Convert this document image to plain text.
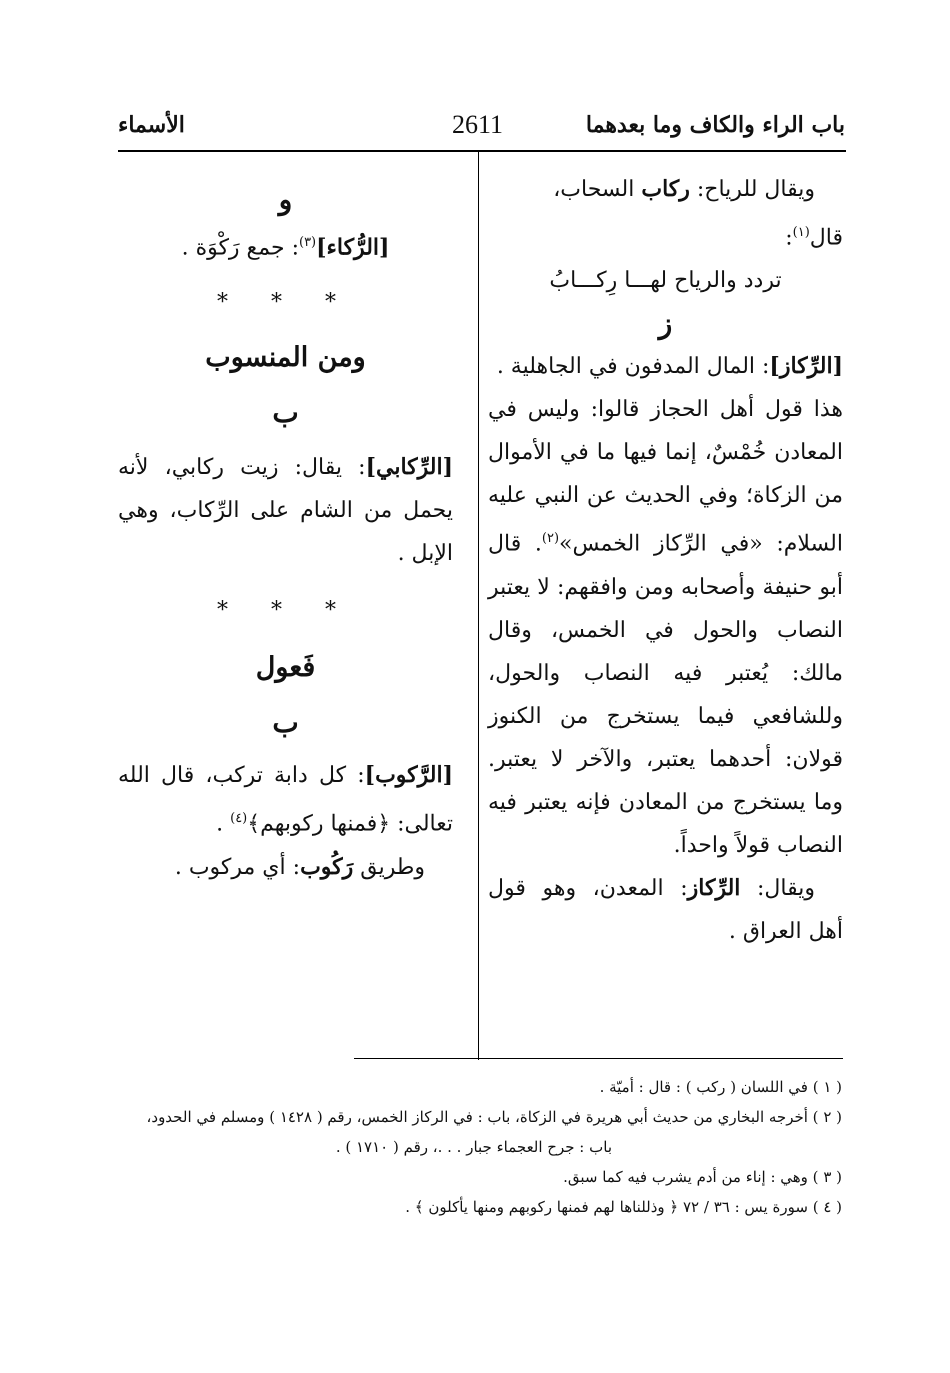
الأسماء	2611	باب الراء والكاف وما بعدهما

ويقال للرياح: ركاب السحاب،

قال$^{(١)}$:

تردد والرياح لهـــا رِكـــابُ

ز

[الرِّكاز]: المال المدفون في الجاهلية .

هذا قول أهل الحجاز قالوا: وليس في المعادن خُمْسٌ، إنما فيها ما في الأموال من الزكاة؛ وفي الحديث عن النبي عليه السلام: «في الرِّكاز الخمس»$^{(٢)}$. قال أبو حنيفة وأصحابه ومن وافقهم: لا يعتبر النصاب والحول في الخمس، وقال مالك: يُعتبر فيه النصاب والحول، وللشافعي فيما يستخرج من الكنوز قولان: أحدهما يعتبر، والآخر لا يعتبر. وما يستخرج من المعادن فإنه يعتبر فيه النصاب قولاً واحداً.

ويقال: الرِّكاز: المعدن، وهو قول أهل العراق .

و

[الرُّكاء]$^{(٣)}$: جمع رَكْوَة .

* * *

ومن المنسوب

ب

[الرِّكابي]: يقال: زيت ركابي، لأنه يحمل من الشام على الرِّكاب، وهي الإبل .

* * *

فَعول

ب

[الرَّكوب]: كل دابة تركب، قال الله تعالى: ﴿فمنها ركوبهم﴾$^{(٤)}$ .

وطريق رَكُوب: أي مركوب .

( ١ ) في اللسان ( ركب ) : قال : أميّة .

( ٢ ) أخرجه البخاري من حديث أبي هريرة في الزكاة، باب : في الركاز الخمس، رقم ( ١٤٢٨ ) ومسلم في الحدود،

باب : جرح العجماء جبار . . .، رقم ( ١٧١٠ ) .

( ٣ ) وهي : إناء من أدم يشرب فيه كما سبق.

( ٤ ) سورة يس : ٣٦ / ٧٢ ﴿ وذللناها لهم فمنها ركوبهم ومنها يأكلون ﴾ .
